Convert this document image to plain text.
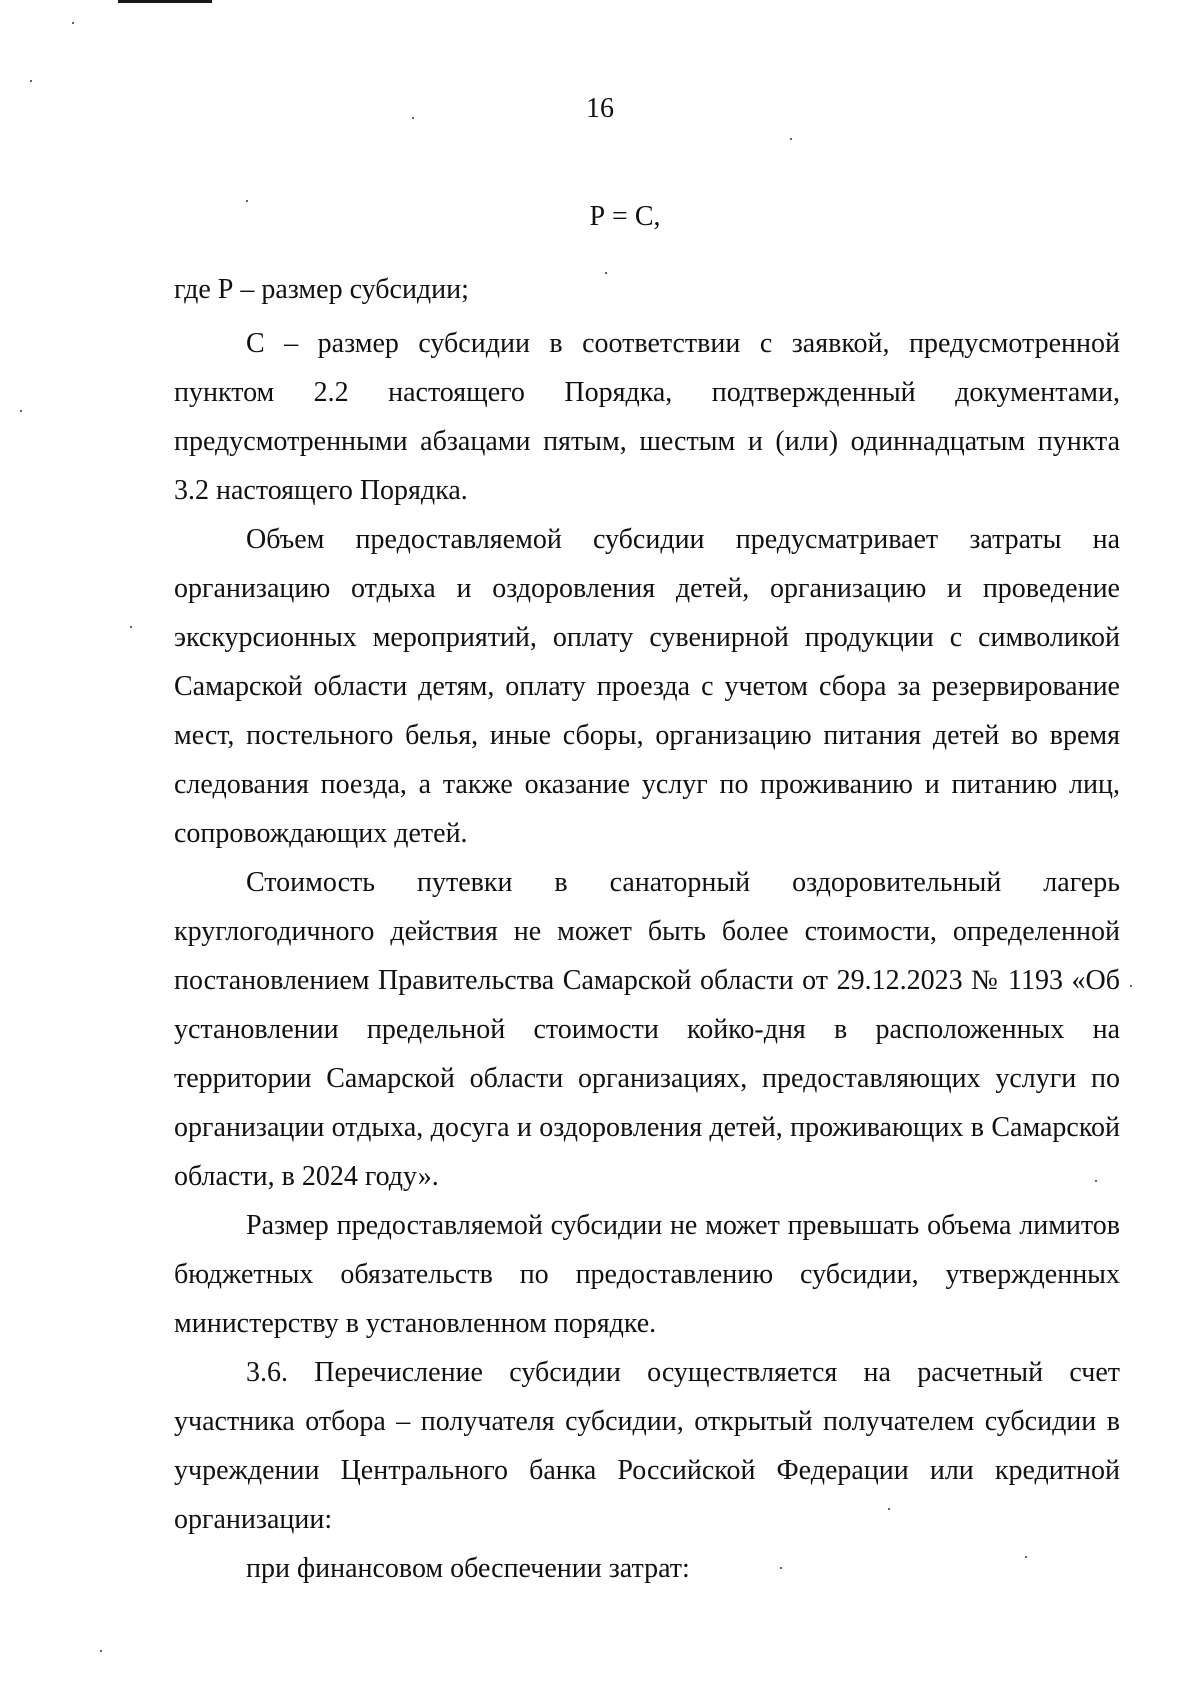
16
Р = С,

где Р – размер субсидии;

С – размер субсидии в соответствии с заявкой, предусмотренной пунктом 2.2 настоящего Порядка, подтвержденный документами, предусмотренными абзацами пятым, шестым и (или) одиннадцатым пункта 3.2 настоящего Порядка.

Объем предоставляемой субсидии предусматривает затраты на организацию отдыха и оздоровления детей, организацию и проведение экскурсионных мероприятий, оплату сувенирной продукции с символикой Самарской области детям, оплату проезда с учетом сбора за резервирование мест, постельного белья, иные сборы, организацию питания детей во время следования поезда, а также оказание услуг по проживанию и питанию лиц, сопровождающих детей.

Стоимость путевки в санаторный оздоровительный лагерь круглогодичного действия не может быть более стоимости, определенной постановлением Правительства Самарской области от 29.12.2023 № 1193 «Об установлении предельной стоимости койко-дня в расположенных на территории Самарской области организациях, предоставляющих услуги по организации отдыха, досуга и оздоровления детей, проживающих в Самарской области, в 2024 году».

Размер предоставляемой субсидии не может превышать объема лимитов бюджетных обязательств по предоставлению субсидии, утвержденных министерству в установленном порядке.

3.6. Перечисление субсидии осуществляется на расчетный счет участника отбора – получателя субсидии, открытый получателем субсидии в учреждении Центрального банка Российской Федерации или кредитной организации:

при финансовом обеспечении затрат:
